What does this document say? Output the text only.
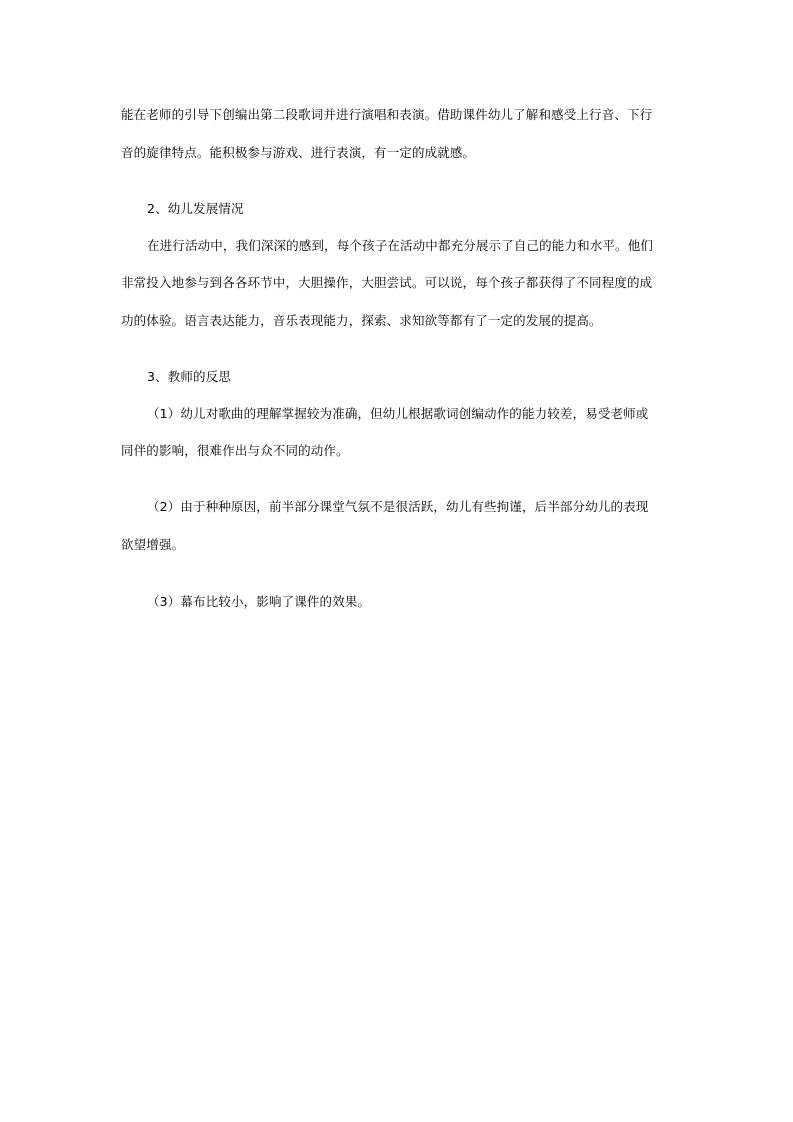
能在老师的引导下创编出第二段歌词并进行演唱和表演。借助课件幼儿了解和感受上行音、下行
音的旋律特点。能积极参与游戏、进行表演，有一定的成就感。
2、幼儿发展情况
在进行活动中，我们深深的感到，每个孩子在活动中都充分展示了自己的能力和水平。他们
非常投入地参与到各各环节中，大胆操作，大胆尝试。可以说，每个孩子都获得了不同程度的成
功的体验。语言表达能力，音乐表现能力，探索、求知欲等都有了一定的发展的提高。
3、教师的反思
（1）幼儿对歌曲的理解掌握较为准确，但幼儿根据歌词创编动作的能力较差，易受老师或
同伴的影响，很难作出与众不同的动作。
（2）由于种种原因，前半部分课堂气氛不是很活跃，幼儿有些拘谨，后半部分幼儿的表现
欲望增强。
（3）幕布比较小，影响了课件的效果。
